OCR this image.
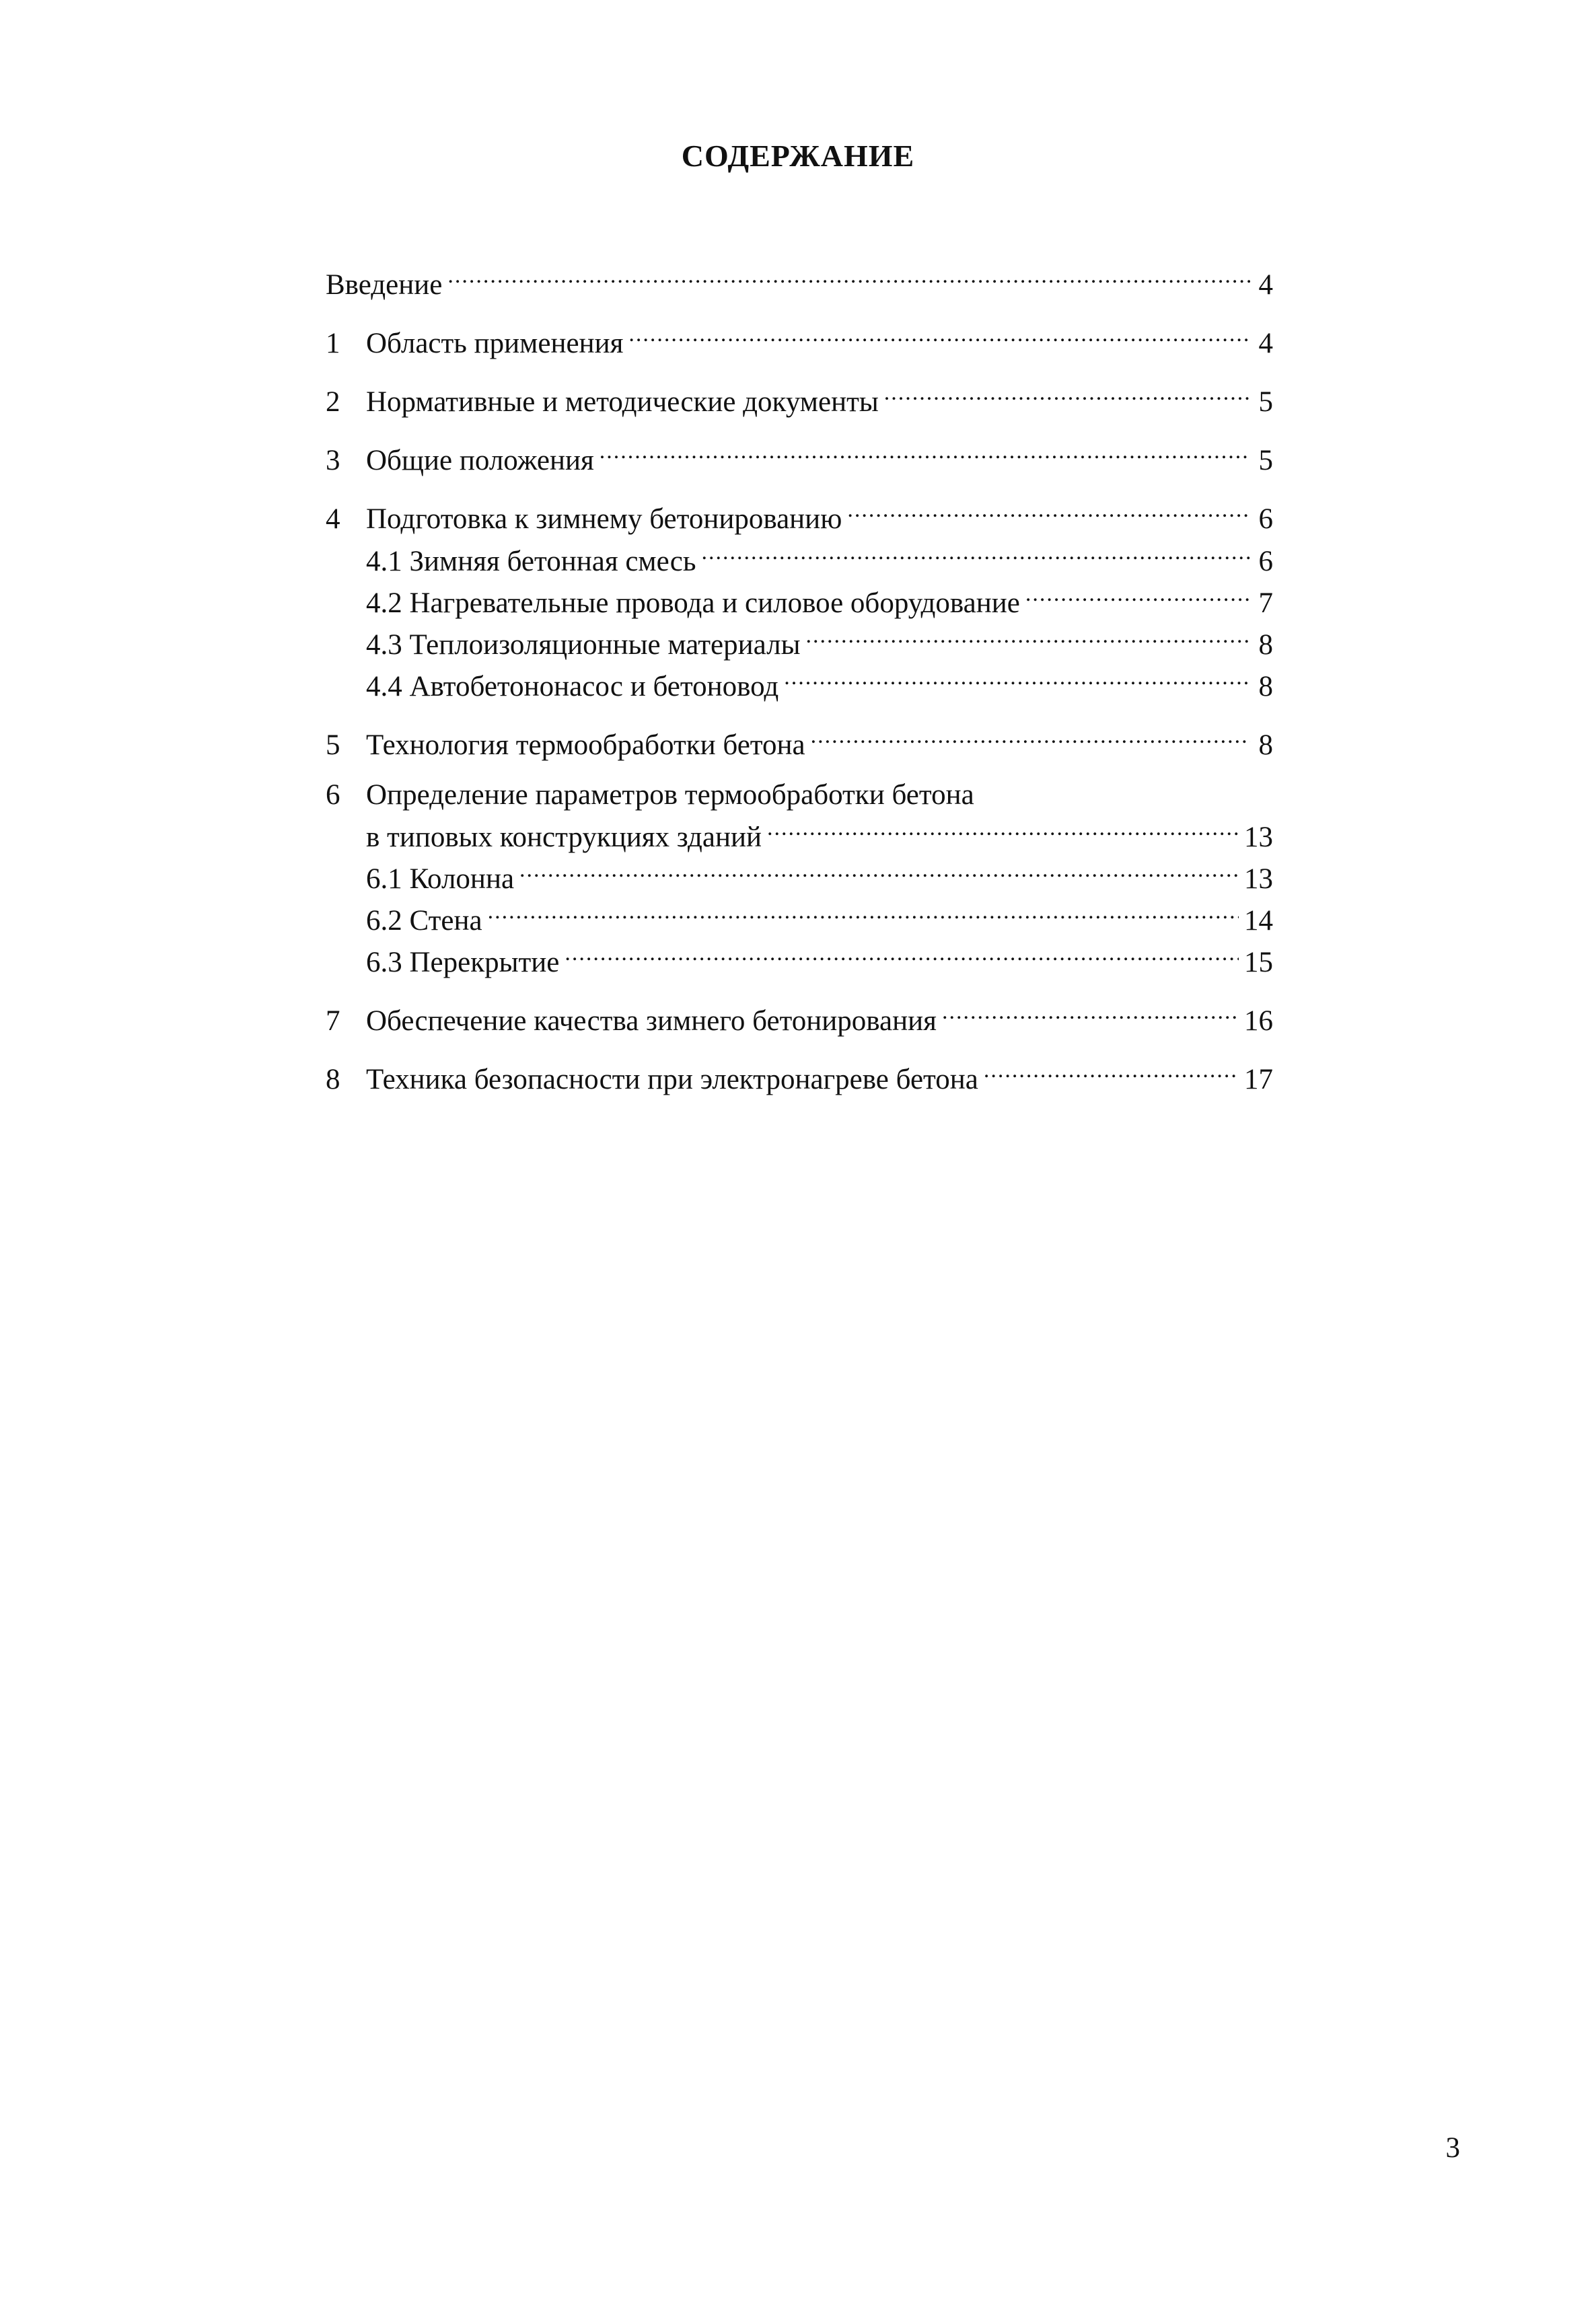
СОДЕРЖАНИЕ
Введение .....	4
1 Область применения .....	4
2 Нормативные и методические документы .....	5
3 Общие положения .....	5
4 Подготовка к зимнему бетонированию .....	6
4.1 Зимняя бетонная смесь .....	6
4.2 Нагревательные провода и силовое оборудование .....	7
4.3 Теплоизоляционные материалы .....	8
4.4 Автобетононасос и бетоновод .....	8
5 Технология термообработки бетона .....	8
6 Определение параметров термообработки бетона
в типовых конструкциях зданий .....	13
6.1 Колонна .....	13
6.2 Стена .....	14
6.3 Перекрытие .....	15
7 Обеспечение качества зимнего бетонирования .....	16
8 Техника безопасности при электронагреве бетона .....	17
3
